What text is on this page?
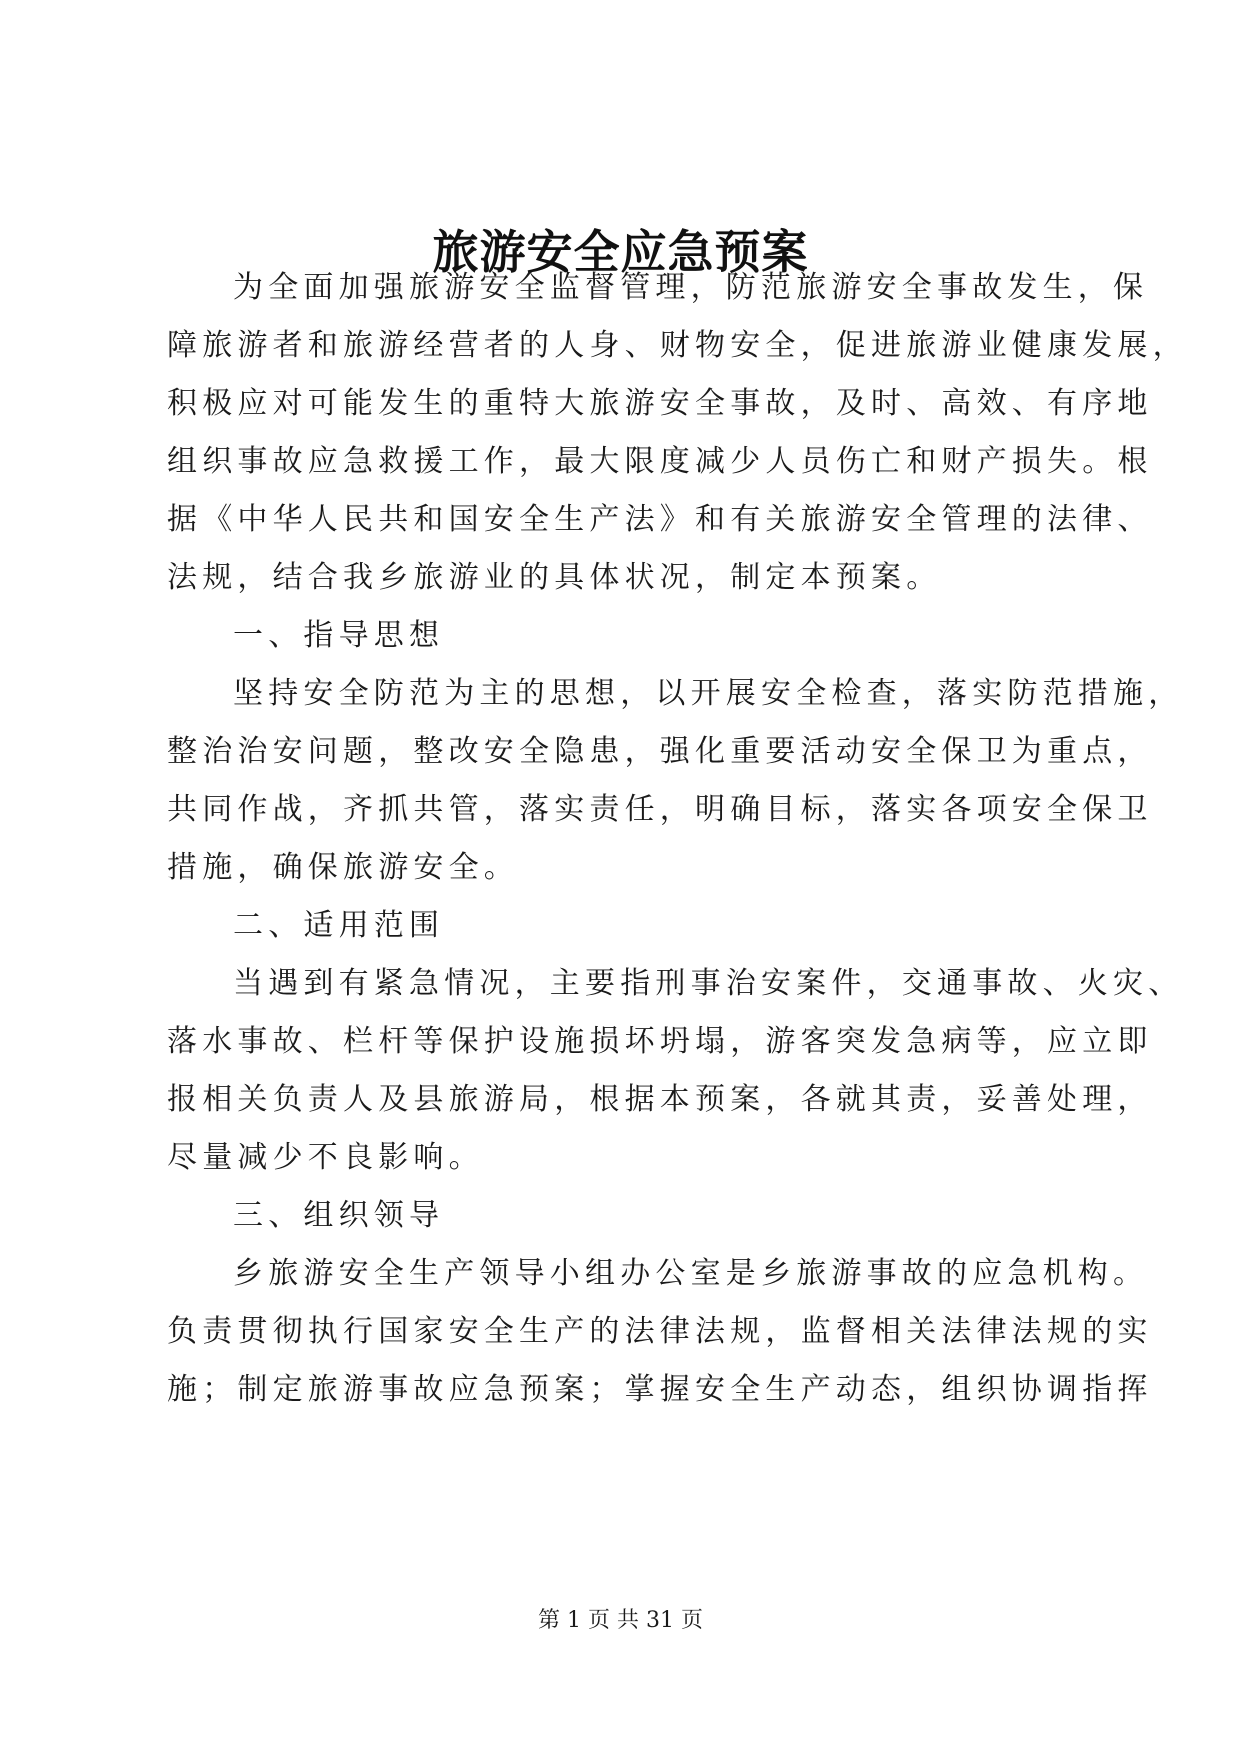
旅游安全应急预案
为全面加强旅游安全监督管理，防范旅游安全事故发生，保
障旅游者和旅游经营者的人身、财物安全，促进旅游业健康发展，
积极应对可能发生的重特大旅游安全事故，及时、高效、有序地
组织事故应急救援工作，最大限度减少人员伤亡和财产损失。根
据《中华人民共和国安全生产法》和有关旅游安全管理的法律、
法规，结合我乡旅游业的具体状况，制定本预案。
一、指导思想
坚持安全防范为主的思想，以开展安全检查，落实防范措施，
整治治安问题，整改安全隐患，强化重要活动安全保卫为重点，
共同作战，齐抓共管，落实责任，明确目标，落实各项安全保卫
措施，确保旅游安全。
二、适用范围
当遇到有紧急情况，主要指刑事治安案件，交通事故、火灾、
落水事故、栏杆等保护设施损坏坍塌，游客突发急病等，应立即
报相关负责人及县旅游局，根据本预案，各就其责，妥善处理，
尽量减少不良影响。
三、组织领导
乡旅游安全生产领导小组办公室是乡旅游事故的应急机构。
负责贯彻执行国家安全生产的法律法规，监督相关法律法规的实
施；制定旅游事故应急预案；掌握安全生产动态，组织协调指挥
第 1 页 共 31 页
